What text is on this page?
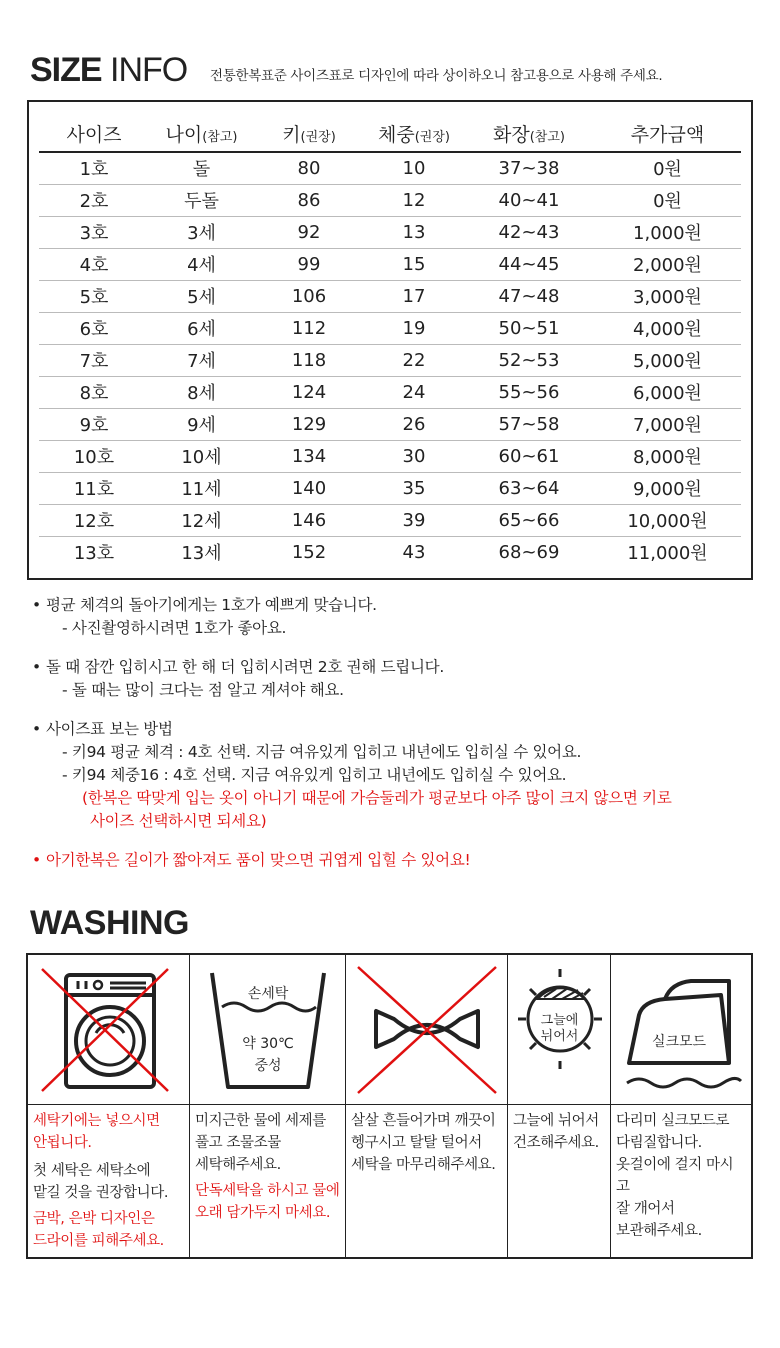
SIZE INFO 전통한복표준 사이즈표로 디자인에 따라 상이하오니 참고용으로 사용해 주세요.
사이즈	나이(참고)	키(권장)	체중(권장)	화장(참고)	추가금액
1호	돌	80	10	37~38	0원
2호	두돌	86	12	40~41	0원
3호	3세	92	13	42~43	1,000원
4호	4세	99	15	44~45	2,000원
5호	5세	106	17	47~48	3,000원
6호	6세	112	19	50~51	4,000원
7호	7세	118	22	52~53	5,000원
8호	8세	124	24	55~56	6,000원
9호	9세	129	26	57~58	7,000원
10호	10세	134	30	60~61	8,000원
11호	11세	140	35	63~64	9,000원
12호	12세	146	39	65~66	10,000원
13호	13세	152	43	68~69	11,000원
• 평균 체격의 돌아기에게는 1호가 예쁘게 맞습니다.
- 사진촬영하시려면 1호가 좋아요.
• 돌 때 잠깐 입히시고 한 해 더 입히시려면 2호 권해 드립니다.
- 돌 때는 많이 크다는 점 알고 계셔야 해요.
• 사이즈표 보는 방법
- 키94 평균 체격 : 4호 선택. 지금 여유있게 입히고 내년에도 입히실 수 있어요.
- 키94 체중16 : 4호 선택. 지금 여유있게 입히고 내년에도 입히실 수 있어요.
(한복은 딱맞게 입는 옷이 아니기 때문에 가슴둘레가 평균보다 아주 많이 크지 않으면 키로
사이즈 선택하시면 되세요)
• 아기한복은 길이가 짧아져도 품이 맞으면 귀엽게 입힐 수 있어요!
WASHING
세탁기에는 넣으시면
안됩니다.
첫 세탁은 세탁소에
맡길 것을 권장합니다.
금박, 은박 디자인은
드라이를 피해주세요.
손세탁
약 30℃
중성
미지근한 물에 세제를
풀고 조물조물
세탁해주세요.
단독세탁을 하시고 물에
오래 담가두지 마세요.
살살 흔들어가며 깨끗이
헹구시고 탈탈 털어서
세탁을 마무리해주세요.
그늘에
뉘어서
그늘에 뉘어서
건조해주세요.
실크모드
다리미 실크모드로
다림질합니다.
옷걸이에 걸지 마시고
잘 개어서
보관해주세요.
